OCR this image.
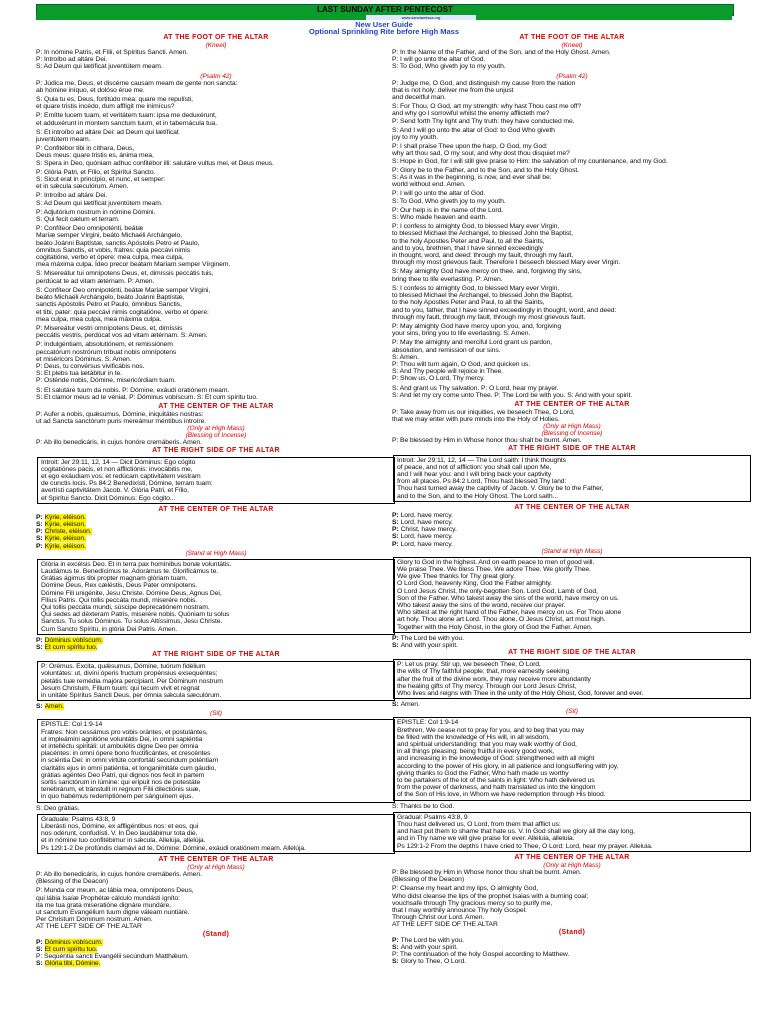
LAST SUNDAY AFTER PENTECOST
www.sanctamissa.org
New User Guide
Optional Sprinkling Rite before High Mass
AT THE FOOT OF THE ALTAR
(Kneel)

P: In nómine Patris, et Fílii, et Spíritus Sancti. Amen.

P: Introíbo ad altáre Dei.

S: Ad Deum qui lætíficat juventútem meam.

(Psalm 42)

P: Júdica me, Deus, et discérne causam meam de gente non sancta:

ab hómine iníquo, et dolóso érue me.

S: Quia tu es, Deus, fortitúdo mea: quare me repulísti,

et quare tristis incédo, dum afflígit me inimícus?

P: Emítte lucem tuam, et veritátem tuam: ipsa me deduxérunt,

et adduxérunt in montem sanctum tuum, et in tabernácula tua.

S: Et introíbo ad altáre Dei: ad Deum qui lætíficat

juventútem meam.

P: Confitébor tibi in cíthara, Deus,

Deus meus: quare tristis es, ánima mea,

S: Spera in Deo, quóniam adhuc confitébor illi: salutáre vultus mei, et Deus meus.

P: Glória Patri, et Fílio, et Spirítui Sancto.

S: Sicut erat in princípio, et nunc, et semper:

et in sǽcula sæculórum. Amen.

P: Introíbo ad altáre Dei.

S: Ad Deum qui lætíficat juventútem meam.

P: Adjutórium nostrum in nómine Dómini.

S: Qui fecit cælum et terram.

P: Confíteor Deo omnipoténti, beátæ

Maríæ semper Vírgini, beáto Michaéli Archángelo,

beáto Joánni Baptístæ, sanctis Apóstolis Petro et Paulo,

ómnibus Sanctis, et vobis, fratres: quia peccávi nimis

cogitatióne, verbo et ópere: mea culpa, mea culpa,

mea máxima culpa. Ídeo precor beátam Maríam semper Vírginem.

S: Misereátur tui omnípotens Deus, et, dimíssis peccátis tuis,

perdúcat te ad vitam ætérnam. P: Amen.

S: Confíteor Deo omnipoténti, beátæ Maríæ semper Vírgini,

beáto Michaéli Archángelo, beáto Joánni Baptístæ,

sanctis Apóstolis Petro et Paulo, ómnibus Sanctis,

et tibi, pater: quia peccávi nimis cogitatióne, verbo et ópere:

mea culpa, mea culpa, mea máxima culpa.

P: Misereátur vestri omnípotens Deus, et, dimíssis

peccátis vestris, perdúcat vos ad vitam ætérnam. S: Amen.

P: Indulgéntiam, absolutiónem, et remissiónem

peccatórum nostrórum tríbuat nobis omnípotens

et miséricors Dóminus. S: Amen.

P: Deus, tu convérsus vivificábis nos.

S: Et plebs tua lætábitur in te.

P: Osténde nobis, Dómine, misericórdiam tuam.

S: Et salutáre tuum da nobis. P: Dómine, exáudi oratiónem meam.

S: Et clamor meus ad te véniat. P: Dóminus vobíscum. S: Et cum spíritu tuo.

AT THE CENTER OF THE ALTAR

P: Aufer a nobis, quǽsumus, Dómine, iniquitátes nostras:

ut ad Sancta sanctórum puris mereámur méntibus introíre.

(Only at High Mass)
(Blessing of Incense)

P: Ab illo benedicáris, in cujus honóre cremáberis. Amen.

AT THE RIGHT SIDE OF THE ALTAR

Introit: Jer 29:11, 12, 14 — Dicit Dóminus: Ego cógito

cogitatiónes pacis, et non afflictiónis: invocábitis me,

et ego exáudiam vos: et redúcam captivitátem vestram

de cunctis locis. Ps 84:2 Benedixísti, Dómine, terram tuam:

avertísti captivitátem Jacob. V. Glória Patri, et Fílio,

et Spirítui Sancto. Dicit Dóminus: Ego cógito...

AT THE CENTER OF THE ALTAR

P: Kýrie, eléison.

S: Kýrie, eléison.

P: Christe, eléison.

S: Kýrie, eléison.

P: Kýrie, eléison.

(Stand at High Mass)

Glória in excélsis Deo. Et in terra pax homínibus bonæ voluntátis.

Laudámus te. Benedícimus te. Adorámus te. Glorificámus te.

Grátias ágimus tibi propter magnam glóriam tuam.

Dómine Deus, Rex cæléstis, Deus Pater omnípotens.

Dómine Fili unigénite, Jesu Christe. Dómine Deus, Agnus Dei,

Fílius Patris. Qui tollis peccáta mundi, miserére nobis.

Qui tollis peccáta mundi, súscipe deprecatiónem nostram.

Qui sedes ad déxteram Patris, miserére nobis. Quóniam tu solus

Sanctus. Tu solus Dóminus. Tu solus Altíssimus, Jesu Christe.

Cum Sancto Spíritu, in glória Dei Patris. Amen.

P: Dóminus vobíscum.

S: Et cum spíritu tuo.

AT THE RIGHT SIDE OF THE ALTAR

P: Orémus. Excita, quǽsumus, Dómine, tuórum fidélium

voluntátes: ut, divíni óperis fructum propénsius exsequéntes;

pietátis tuæ remédia majóra percípiant. Per Dóminum nostrum

Jesum Christum, Fílium tuum: qui tecum vivit et regnat

in unitáte Spíritus Sancti Deus, per ómnia sǽcula sæculórum.

S: Amen.

(Sit)

EPISTLE: Col 1:9-14

Fratres: Non cessámus pro vobis orántes, et postulántes,

ut impleámini agnitióne voluntátis Dei, in omni sapiéntia

et intelléctu spiritáli: ut ambulétis digne Deo per ómnia

placéntes: in omni ópere bono fructificántes, et crescéntes

in sciéntia Dei: in omni virtúte confortáti secúndum poténtiam

claritátis ejus in omni patiéntia, et longanimitáte cum gáudio,

grátias agéntes Deo Patri, qui dignos nos fecit in partem

sortis sanctórum in lúmine: qui erípuit nos de potestáte

tenebrárum, et tránstulit in regnum Fílii dilectiónis suæ,

in quo habémus redemptiónem per sánguinem ejus.

S: Deo grátias.

Graduale: Psalms 43:8, 9

Liberásti nos, Dómine, ex affligéntibus nos: et eos, qui

nos odérunt, confudísti. V. In Deo laudábimur tota die,

et in nómine tuo confitébimur in sǽcula. Allelúja, allelúja.

Ps 129:1-2 De profúndis clamávi ad te, Dómine: Dómine, exáudi oratiónem meam. Allelúja.

AT THE CENTER OF THE ALTAR
(Only at High Mass)

P: Ab illo benedicáris, in cujus honóre cremáberis. Amen.

(Blessing of the Deacon)

P: Munda cor meum, ac lábia mea, omnípotens Deus,

qui lábia Isaíæ Prophétæ cálculo mundásti igníto:

ita me tua grata miseratióne dignáre mundáre,

ut sanctum Evangélium tuum digne váleam nuntiáre.

Per Christum Dóminum nostrum. Amen.

AT THE LEFT SIDE OF THE ALTAR

(Stand)

P: Dóminus vobíscum.

S: Et cum spíritu tuo.

P: Sequéntia sancti Evangélii secúndum Matthǽum.

S: Glória tibi, Dómine.

AT THE FOOT OF THE ALTAR
(Kneel)

P: In the Name of the Father, and of the Son, and of the Holy Ghost. Amen.

P: I will go unto the altar of God.

S: To God, Who giveth joy to my youth.

(Psalm 42)

P: Judge me, O God, and distinguish my cause from the nation

that is not holy: deliver me from the unjust

and deceitful man.

S: For Thou, O God, art my strength: why hast Thou cast me off?

and why go I sorrowful whilst the enemy afflicteth me?

P: Send forth Thy light and Thy truth: they have conducted me.

S: And I will go unto the altar of God: to God Who giveth

joy to my youth.

P: I shall praise Thee upon the harp, O God, my God:

why art thou sad, O my soul, and why dost thou disquiet me?

S: Hope in God, for I will still give praise to Him: the salvation of my countenance, and my God.

P: Glory be to the Father, and to the Son, and to the Holy Ghost.

S: As it was in the beginning, is now, and ever shall be:

world without end. Amen.

P: I will go unto the altar of God.

S: To God, Who giveth joy to my youth.

P: Our help is in the name of the Lord.

S: Who made heaven and earth.

P: I confess to almighty God, to blessed Mary ever Virgin,

to blessed Michael the Archangel, to blessed John the Baptist,

to the holy Apostles Peter and Paul, to all the Saints,

and to you, brethren, that I have sinned exceedingly

in thought, word, and deed: through my fault, through my fault,

through my most grievous fault. Therefore I beseech blessed Mary ever Virgin.

S: May almighty God have mercy on thee, and, forgiving thy sins,

bring thee to life everlasting. P: Amen.

S: I confess to almighty God, to blessed Mary ever Virgin,

to blessed Michael the Archangel, to blessed John the Baptist,

to the holy Apostles Peter and Paul, to all the Saints,

and to you, father, that I have sinned exceedingly in thought, word, and deed:

through my fault, through my fault, through my most grievous fault.

P: May almighty God have mercy upon you, and, forgiving

your sins, bring you to life everlasting. S: Amen.

P: May the almighty and merciful Lord grant us pardon,

absolution, and remission of our sins.

S: Amen.

P: Thou wilt turn again, O God, and quicken us.

S: And Thy people will rejoice in Thee.

P: Show us, O Lord, Thy mercy.

S: And grant us Thy salvation. P: O Lord, hear my prayer.

S: And let my cry come unto Thee. P: The Lord be with you. S: And with your spirit.

AT THE CENTER OF THE ALTAR

P: Take away from us our iniquities, we beseech Thee, O Lord,

that we may enter with pure minds into the Holy of Holies.

(Only at High Mass)
(Blessing of Incense)

P: Be blessed by Him in Whose honor thou shalt be burnt. Amen.

AT THE RIGHT SIDE OF THE ALTAR

Introit: Jer 29:11, 12, 14 — The Lord saith: I think thoughts

of peace, and not of affliction: you shall call upon Me,

and I will hear you: and I will bring back your captivity

from all places. Ps 84:2 Lord, Thou hast blessed Thy land:

Thou hast turned away the captivity of Jacob. V. Glory be to the Father,

and to the Son, and to the Holy Ghost. The Lord saith...

AT THE CENTER OF THE ALTAR

P: Lord, have mercy.

S: Lord, have mercy.

P: Christ, have mercy.

S: Lord, have mercy.

P: Lord, have mercy.

(Stand at High Mass)

Glory to God in the highest. And on earth peace to men of good will.

We praise Thee. We bless Thee. We adore Thee. We glorify Thee.

We give Thee thanks for Thy great glory.

O Lord God, heavenly King, God the Father almighty.

O Lord Jesus Christ, the only-begotten Son. Lord God, Lamb of God,

Son of the Father. Who takest away the sins of the world, have mercy on us.

Who takest away the sins of the world, receive our prayer.

Who sittest at the right hand of the Father, have mercy on us. For Thou alone

art holy. Thou alone art Lord. Thou alone, O Jesus Christ, art most high.

Together with the Holy Ghost, in the glory of God the Father. Amen.

P: The Lord be with you.

S: And with your spirit.

AT THE RIGHT SIDE OF THE ALTAR

P: Let us pray. Stir up, we beseech Thee, O Lord,

the wills of Thy faithful people; that, more earnestly seeking

after the fruit of the divine work, they may receive more abundantly

the healing gifts of Thy mercy. Through our Lord Jesus Christ,

Who lives and reigns with Thee in the unity of the Holy Ghost, God, forever and ever.

S: Amen.

(Sit)

EPISTLE: Col 1:9-14

Brethren, We cease not to pray for you, and to beg that you may

be filled with the knowledge of His will, in all wisdom,

and spiritual understanding: that you may walk worthy of God,

in all things pleasing: being fruitful in every good work,

and increasing in the knowledge of God: strengthened with all might

according to the power of His glory, in all patience and longsuffering with joy,

giving thanks to God the Father, Who hath made us worthy

to be partakers of the lot of the saints in light: Who hath delivered us

from the power of darkness, and hath translated us into the kingdom

of the Son of His love, in Whom we have redemption through His blood.

S: Thanks be to God.

Gradual: Psalms 43:8, 9

Thou hast delivered us, O Lord, from them that afflict us:

and hast put them to shame that hate us. V. In God shall we glory all the day long,

and in Thy name we will give praise for ever. Alleluia, alleluia.

Ps 129:1-2 From the depths I have cried to Thee, O Lord: Lord, hear my prayer. Alleluia.

AT THE CENTER OF THE ALTAR
(Only at High Mass)

P: Be blessed by Him in Whose honor thou shalt be burnt. Amen.

(Blessing of the Deacon)

P: Cleanse my heart and my lips, O almighty God,

Who didst cleanse the lips of the prophet Isaias with a burning coal;

vouchsafe through Thy gracious mercy so to purify me,

that I may worthily announce Thy holy Gospel.

Through Christ our Lord. Amen.

AT THE LEFT SIDE OF THE ALTAR

(Stand)

P: The Lord be with you.

S: And with your spirit.

P: The continuation of the holy Gospel according to Matthew.

S: Glory to Thee, O Lord.
